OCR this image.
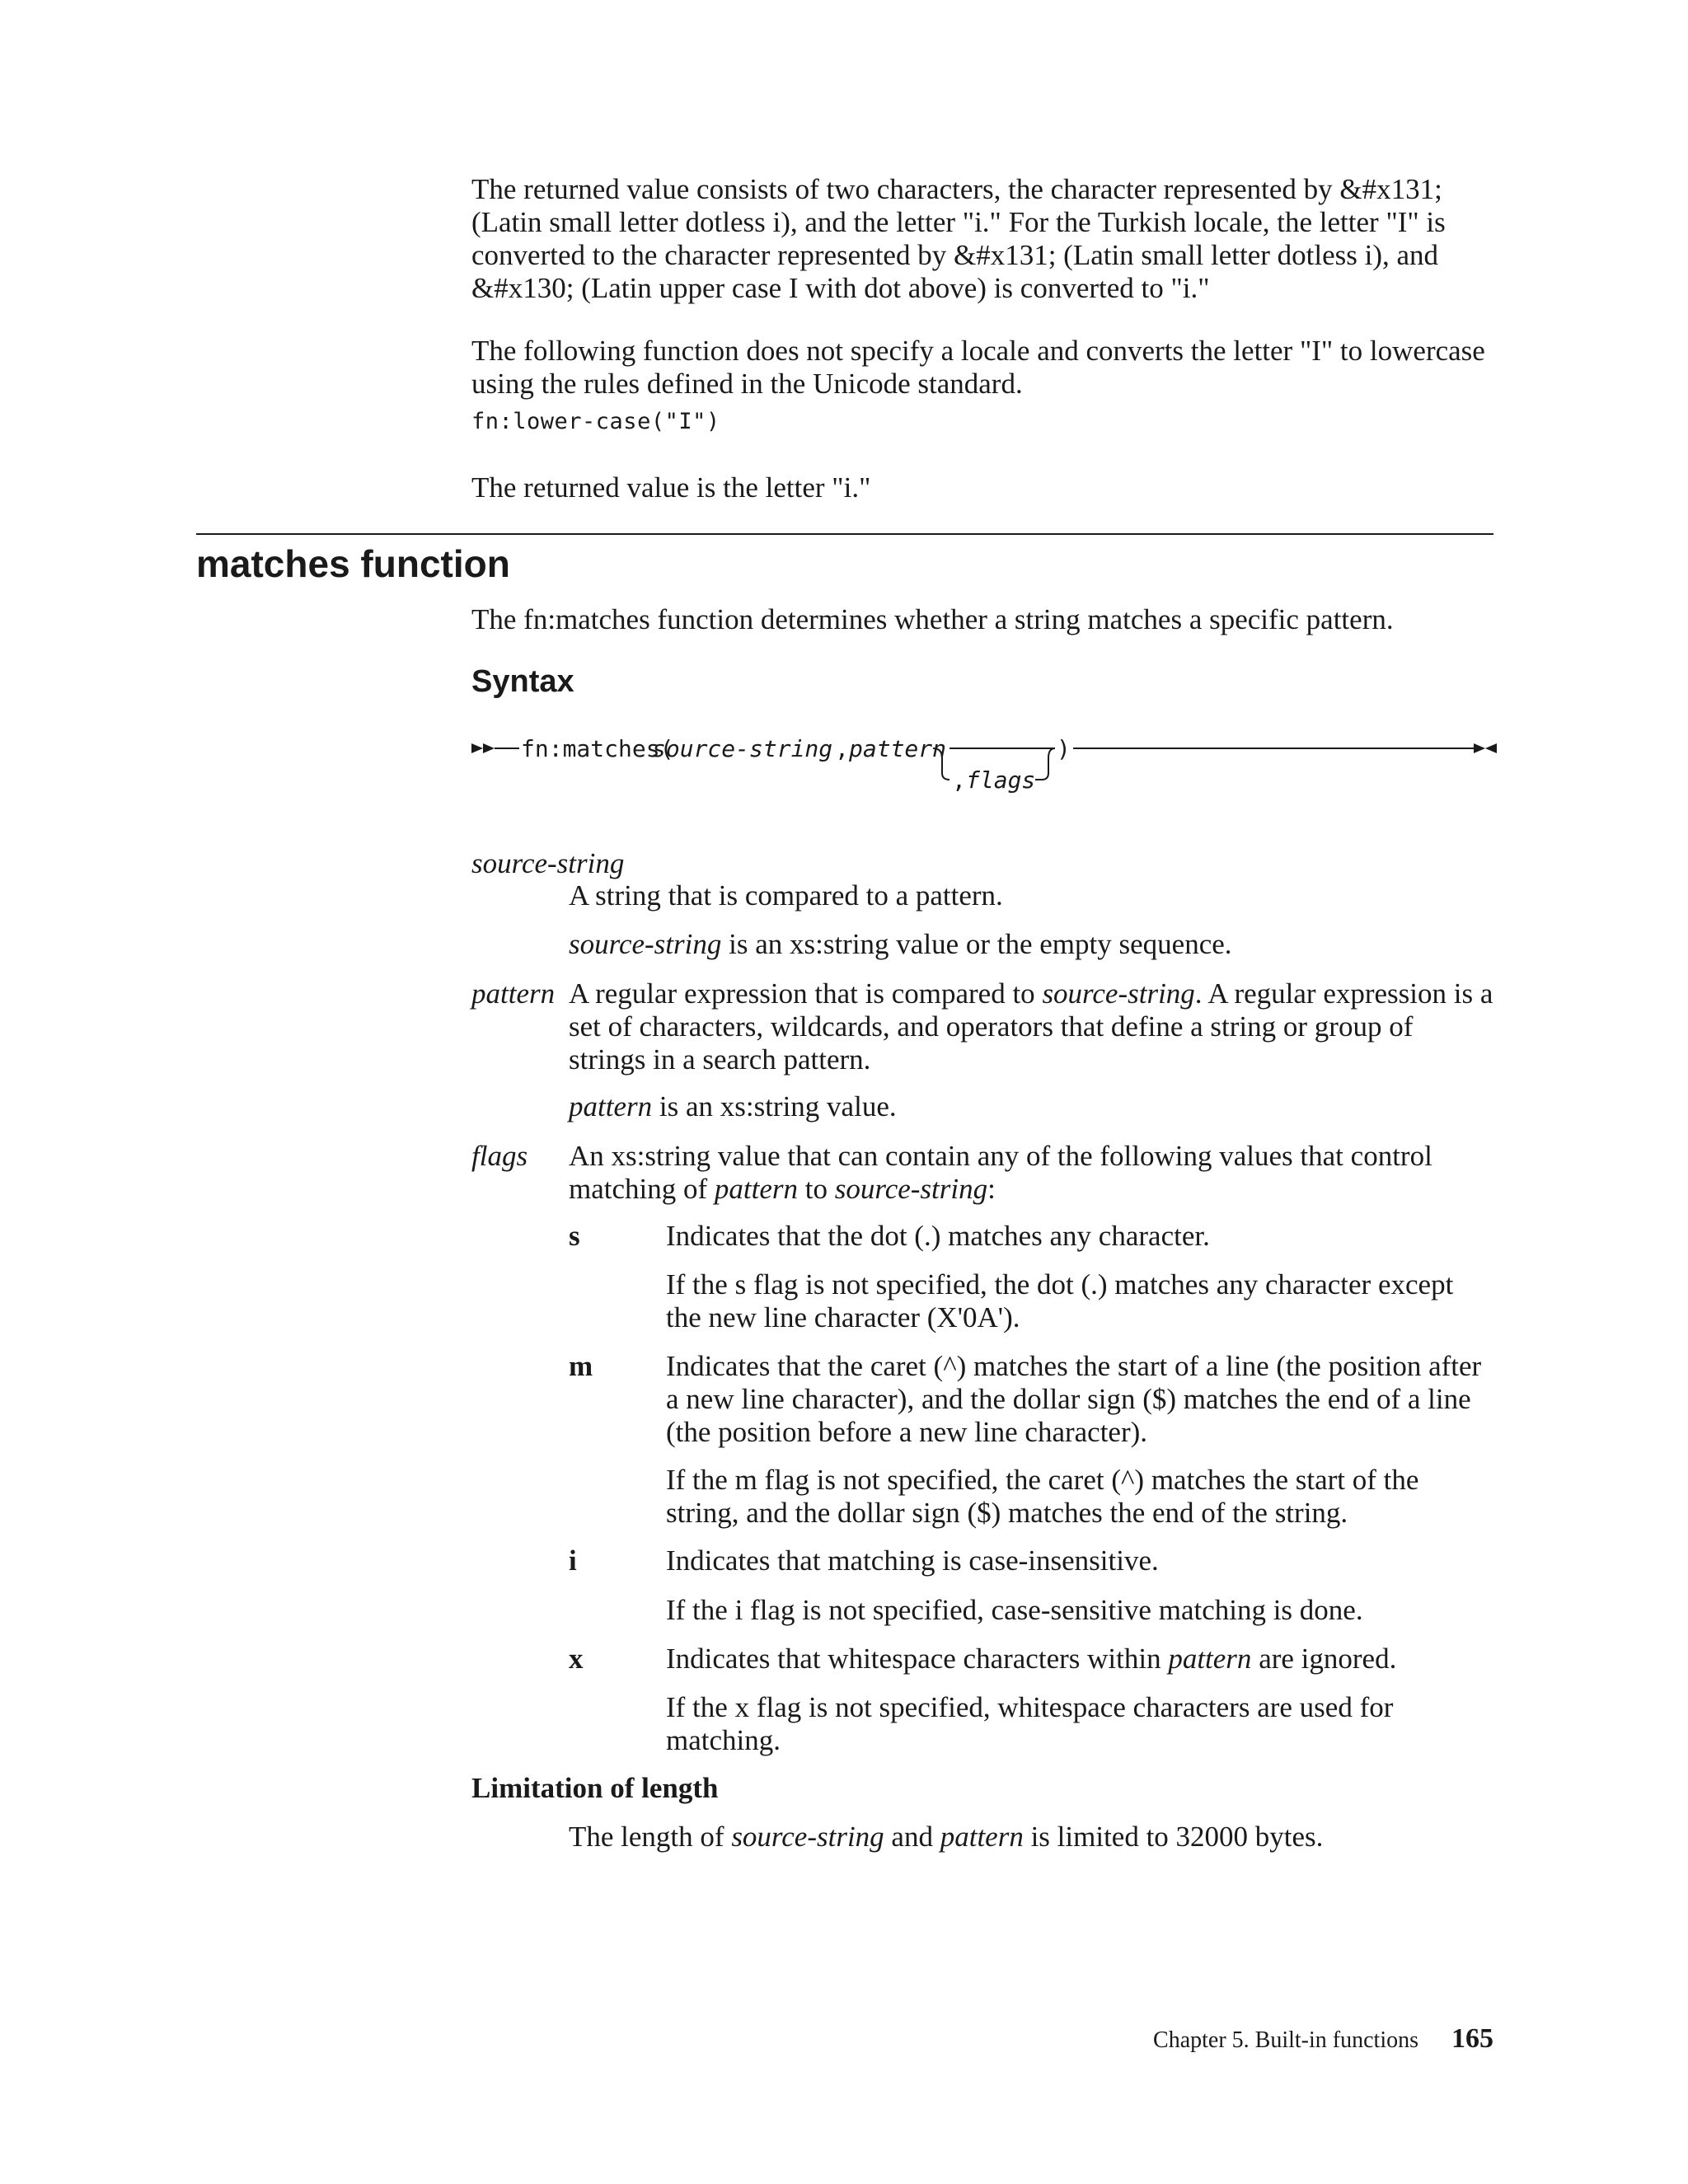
The returned value consists of two characters, the character represented by &#x131; (Latin small letter dotless i), and the letter "i." For the Turkish locale, the letter "I" is converted to the character represented by &#x131; (Latin small letter dotless i), and &#x130; (Latin upper case I with dot above) is converted to "i."

The following function does not specify a locale and converts the letter "I" to lowercase using the rules defined in the Unicode standard.

fn:lower-case("I")

The returned value is the letter "i."

matches function

The fn:matches function determines whether a string matches a specific pattern.

Syntax
fn:matches(
source-string , pattern
, flags
)
source-string

A string that is compared to a pattern.

source-string is an xs:string value or the empty sequence.

pattern A regular expression that is compared to source-string. A regular expression is a set of characters, wildcards, and operators that define a string or group of strings in a search pattern.

pattern is an xs:string value.

flags An xs:string value that can contain any of the following values that control matching of pattern to source-string:

s	Indicates that the dot (.) matches any character.

If the s flag is not specified, the dot (.) matches any character except the new line character (X'0A').

m	Indicates that the caret (^) matches the start of a line (the position after a new line character), and the dollar sign ($) matches the end of a line (the position before a new line character).

If the m flag is not specified, the caret (^) matches the start of the string, and the dollar sign ($) matches the end of the string.

i	Indicates that matching is case-insensitive.

If the i flag is not specified, case-sensitive matching is done.

x	Indicates that whitespace characters within pattern are ignored.

If the x flag is not specified, whitespace characters are used for matching.

Limitation of length

The length of source-string and pattern is limited to 32000 bytes.

Chapter 5. Built-in functions 165
